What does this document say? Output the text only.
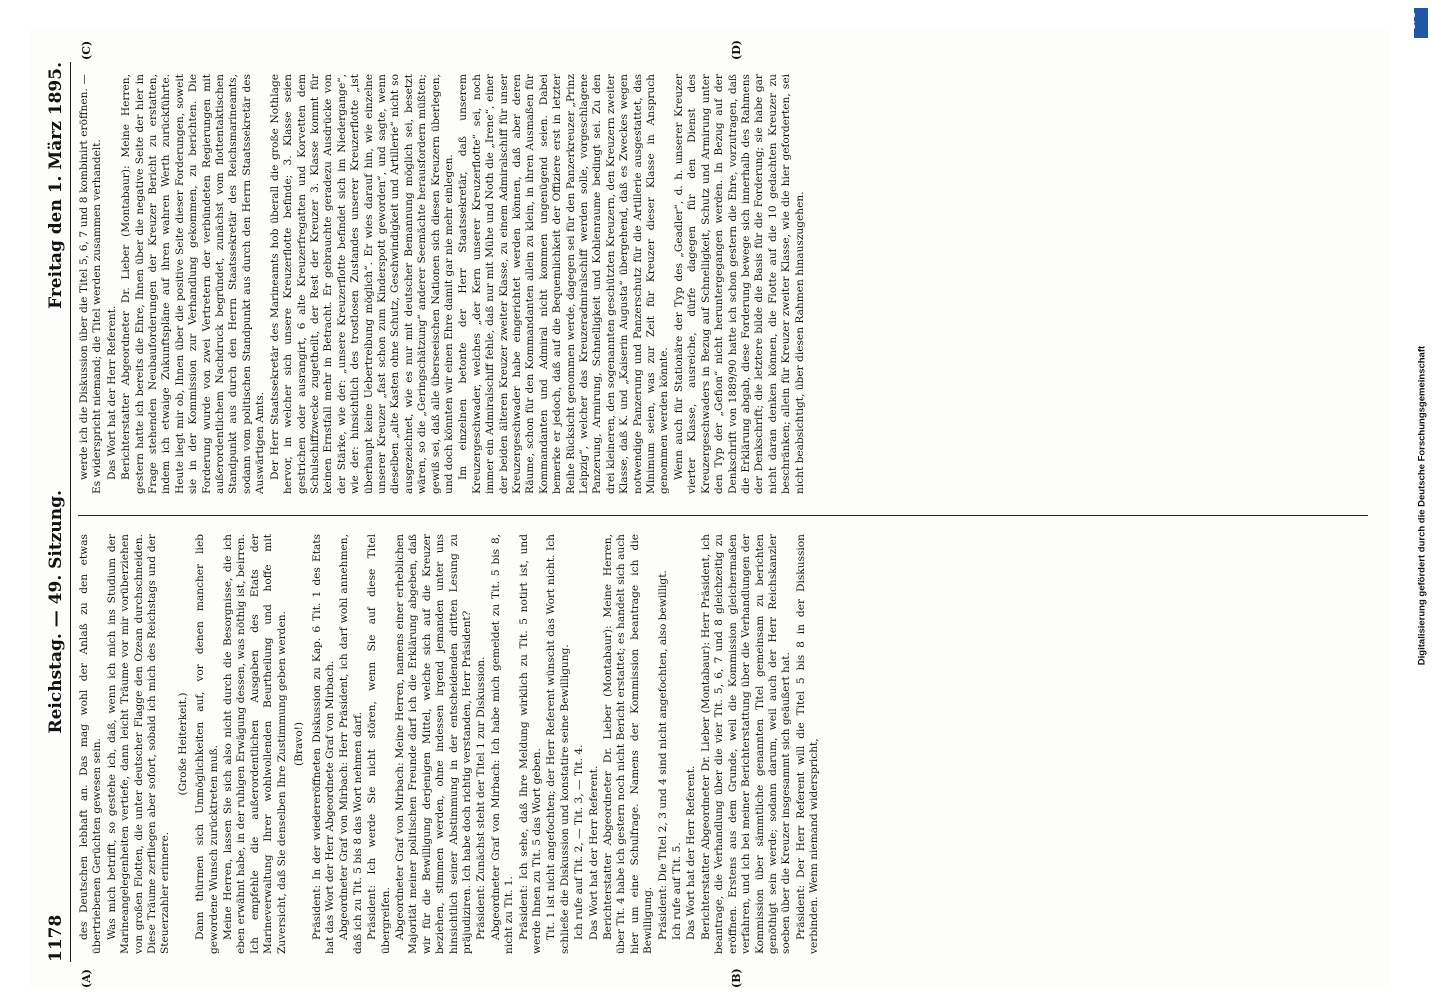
1178
Reichstag. — 49. Sitzung.
Freitag den 1. März 1895.
(A)	(B)
(C)	(D)

des Deutschen lebhaft an. Das mag wohl der Anlaß zu den etwas übertriebenen Gerüchten gewesen sein. Was mich betrifft, so gestehe ich, daß, wenn ich mich ins Studium der Marineangelegenheiten vertiefe, dann leicht Träume vor mir vorüberziehen von großen Flotten, die unter deutscher Flagge den Ozean durchschneiden. Diese Träume zerfliegen aber sofort, sobald ich mich des Reichstags und der Steuerzahler erinnere.

(Große Heiterkeit.) Dann thürmen sich Unmöglichkeiten auf, vor denen mancher lieb gewordene Wunsch zurücktreten muß. Meine Herren, lassen Sie sich also nicht durch die Besorgnisse, die ich eben erwähnt habe, in der ruhigen Erwägung dessen, was nöthig ist, beirren. Ich empfehle die außerordentlichen Ausgaben des Etats der Marineverwaltung Ihrer wohlwollenden Beurtheilung und hoffe mit Zuversicht, daß Sie denselben Ihre Zustimmung geben werden. (Bravo!) Präsident: In der wiedereröffneten Diskussion zu Kap. 6 Tit. 1 des Etats hat das Wort der Herr Abgeordnete Graf von Mirbach. Abgeordneter Graf von Mirbach: Herr Präsident, ich darf wohl annehmen, daß ich zu Tit. 5 bis 8 das Wort nehmen darf. Präsident: Ich werde Sie nicht stören, wenn Sie auf diese Titel übergreifen. Abgeordneter Graf von Mirbach: Meine Herren, namens einer erheblichen Majorität meiner politischen Freunde darf ich die Erklärung abgeben, daß wir für die Bewilligung derjenigen Mittel, welche sich auf die Kreuzer beziehen, stimmen werden, ohne indessen irgend jemanden unter uns hinsichtlich seiner Abstimmung in der entscheidenden dritten Lesung zu präjudiziren. Ich habe doch richtig verstanden, Herr Präsident? Präsident: Zunächst steht der Titel 1 zur Diskussion. Abgeordneter Graf von Mirbach: Ich habe mich gemeldet zu Tit. 5 bis 8, nicht zu Tit. 1. Präsident: Ich sehe, daß Ihre Meldung wirklich zu Tit. 5 notirt ist, und werde Ihnen zu Tit. 5 das Wort geben. Tit. 1 ist nicht angefochten; der Herr Referent wünscht das Wort nicht. Ich schließe die Diskussion und konstatire seine Bewilligung. Ich rufe auf Tit. 2, — Tit. 3, — Tit. 4. Das Wort hat der Herr Referent. Berichterstatter Abgeordneter Dr. Lieber (Montabaur): Meine Herren, über Tit. 4 habe ich gestern noch nicht Bericht erstattet; es handelt sich auch hier um eine Schulfrage. Namens der Kommission beantrage ich die Bewilligung. Präsident: Die Titel 2, 3 und 4 sind nicht angefochten, also bewilligt. Ich rufe auf Tit. 5. Das Wort hat der Herr Referent. Berichterstatter Abgeordneter Dr. Lieber (Montabaur): Herr Präsident, ich beantrage, die Verhandlung über die vier Tit. 5, 6, 7 und 8 gleichzeitig zu eröffnen. Erstens aus dem Grunde, weil die Kommission gleichermaßen verfahren, und ich bei meiner Berichterstattung über die Verhandlungen der Kommission über sämmtliche genannten Titel gemeinsam zu berichten genöthigt sein werde; sodann darum, weil auch der Herr Reichskanzler soeben über die Kreuzer insgesammt sich geäußert hat. Präsident: Der Herr Referent will die Titel 5 bis 8 in der Diskussion verbinden. Wenn niemand widerspricht,

werde ich die Diskussion über die Titel 5, 6, 7 und 8 kombinirt eröffnen. — Es widerspricht niemand; die Titel werden zusammen verhandelt. Das Wort hat der Herr Referent. Berichterstatter Abgeordneter Dr. Lieber (Montabaur): Meine Herren, gestern hatte ich bereits die Ehre, Ihnen über die negative Seite der hier in Frage stehenden Neubauforderungen der Kreuzer Bericht zu erstatten, indem ich etwaige Zukunftspläne auf ihren wahren Werth zurückführte. Heute liegt mir ob, Ihnen über die positive Seite dieser Forderungen, soweit sie in der Kommission zur Verhandlung gekommen, zu berichten. Die Forderung wurde von zwei Vertretern der verbündeten Regierungen mit außerordentlichem Nachdruck begründet, zunächst vom flottentaktischen Standpunkt aus durch den Herrn Staatssekretär des Reichsmarineamts, sodann vom politischen Standpunkt aus durch den Herrn Staatssekretär des Auswärtigen Amts. Der Herr Staatssekretär des Marineamts hob überall die große Nothlage hervor, in welcher sich unsere Kreuzerflotte befinde; 3. Klasse seien gestrichen oder ausrangirt, 6 alte Kreuzerfregatten und Korvetten dem Schulschiffzwecke zugetheilt, der Rest der Kreuzer 3. Klasse kommt für keinen Ernstfall mehr in Betracht. Er gebrauchte geradezu Ausdrücke von der Stärke, wie der: „unsere Kreuzerflotte befindet sich im Niedergange“, wie der: hinsichtlich des trostlosen Zustandes unserer Kreuzerflotte „ist überhaupt keine Uebertreibung möglich“. Er wies darauf hin, wie einzelne unserer Kreuzer „fast schon zum Kinderspott geworden“, und sagte, wenn dieselben „alte Kasten ohne Schutz, Geschwindigkeit und Artillerie“ nicht so ausgezeichnet, wie es nur mit deutscher Bemannung möglich sei, besetzt wären, so die „Geringschätzung“ anderer Seemächte herausfordern müßten; gewiß sei, daß alle überseeischen Nationen sich diesen Kreuzern überlegen, und doch könnten wir einen Ehre damit gar nie mehr einlegen. Im einzelnen betonte der Herr Staatssekretär, daß unserem Kreuzergeschwader, welches „der Kern unserer Kreuzerflotte“ sei, noch immer ein Admiralschiff fehle, daß nur mit Mühe und Noth die „Irene“, einer der beiden älteren Kreuzer zweiter Klasse, zu einem Admiralschiff für unser Kreuzergeschwader habe eingerichtet werden können, daß aber deren Räume, schon für den Kommandanten allein zu klein, in ihren Ausmaßen für Kommandanten und Admiral nicht kommen ungenügend seien. Dabei bemerke er jedoch, daß auf die Bequemlichkeit der Offiziere erst in letzter Reihe Rücksicht genommen werde, dagegen sei für den Panzerkreuzer „Prinz Leipzig“, welcher das Kreuzeradmiralschiff werden solle, vorgeschlagene Panzerung, Armirung, Schnelligkeit und Kohlenraume bedingt sei. Zu den drei kleineren, den sogenannten geschützten Kreuzern, den Kreuzern zweiter Klasse, daß K. und „Kaiserin Augusta“ übergehend, daß es Zweckes wegen notwendige Panzerung und Panzerschutz für die Artillerie ausgestattet, das Minimum seien, was zur Zeit für Kreuzer dieser Klasse in Anspruch genommen werden könnte. Wenn auch für Stationäre der Typ des „Geadler“, d. h. unserer Kreuzer vierter Klasse, ausreiche, dürfe dagegen für den Dienst des Kreuzergeschwaders in Bezug auf Schnelligkeit, Schutz und Armirung unter den Typ der „Gefion“ nicht heruntergegangen werden. In Bezug auf der Denkschrift von 1889/90 hatte ich schon gestern die Ehre, vorzutragen, daß die Erklärung abgab, diese Forderung bewege sich innerhalb des Rahmens der Denkschrift; die letztere bilde die Basis für die Forderung; sie habe gar nicht daran denken können, die Flotte auf die 10 gedachten Kreuzer zu beschränken; allein für Kreuzer zweiter Klasse, wie die hier geforderten, sei nicht beabsichtigt, über diesen Rahmen hinauszugehen.

Digitalisierung gefördert durch die Deutsche Forschungsgemeinschaft
DFG
